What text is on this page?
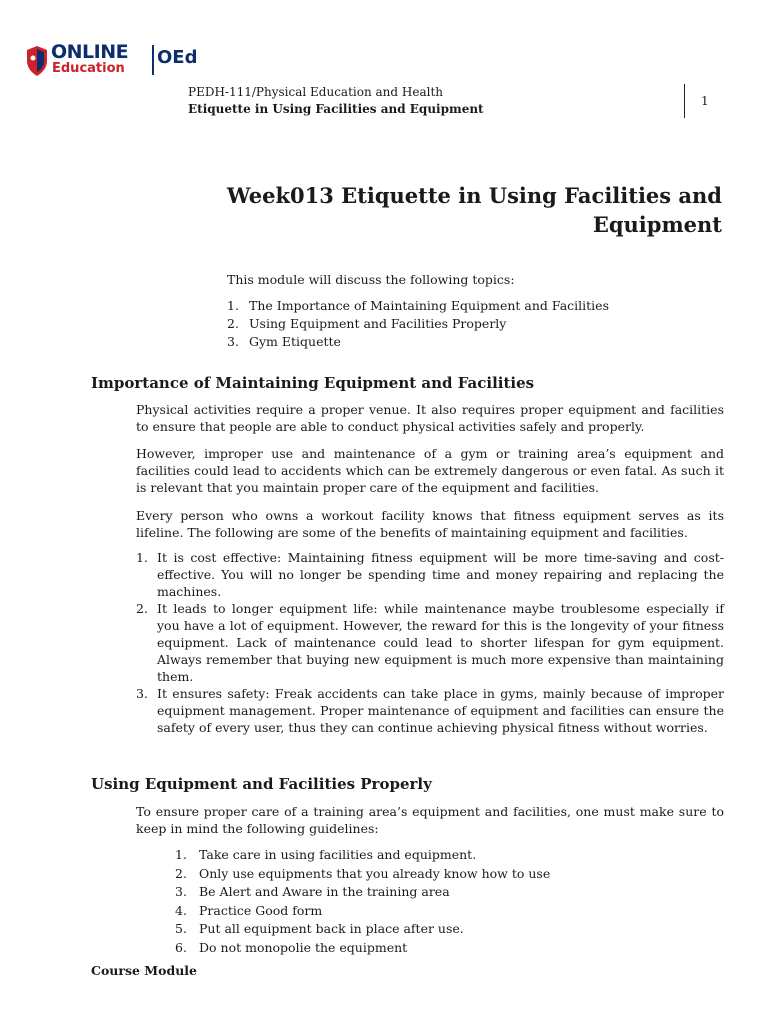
ONLINE
Education
OEd
PEDH-111/Physical Education and Health
Etiquette in Using Facilities and Equipment
1
Week013 Etiquette in Using Facilities and
Equipment
This module will discuss the following topics:
1. The Importance of Maintaining Equipment and Facilities
2. Using Equipment and Facilities Properly
3. Gym Etiquette
Importance of Maintaining Equipment and Facilities

Physical activities require a proper venue. It also requires proper equipment and facilities to ensure that people are able to conduct physical activities safely and properly.

However, improper use and maintenance of a gym or training area’s equipment and facilities could lead to accidents which can be extremely dangerous or even fatal. As such it is relevant that you maintain proper care of the equipment and facilities.

Every person who owns a workout facility knows that fitness equipment serves as its lifeline. The following are some of the benefits of maintaining equipment and facilities.

1. It is cost effective: Maintaining fitness equipment will be more time-saving and cost-effective. You will no longer be spending time and money repairing and replacing the machines.
2. It leads to longer equipment life: while maintenance maybe troublesome especially if you have a lot of equipment. However, the reward for this is the longevity of your fitness equipment. Lack of maintenance could lead to shorter lifespan for gym equipment. Always remember that buying new equipment is much more expensive than maintaining them.
3. It ensures safety: Freak accidents can take place in gyms, mainly because of improper equipment management. Proper maintenance of equipment and facilities can ensure the safety of every user, thus they can continue achieving physical fitness without worries.
Using Equipment and Facilities Properly

To ensure proper care of a training area’s equipment and facilities, one must make sure to keep in mind the following guidelines:

1. Take care in using facilities and equipment.
2. Only use equipments that you already know how to use
3. Be Alert and Aware in the training area
4. Practice Good form
5. Put all equipment back in place after use.
6. Do not monopolie the equipment
Course Module
